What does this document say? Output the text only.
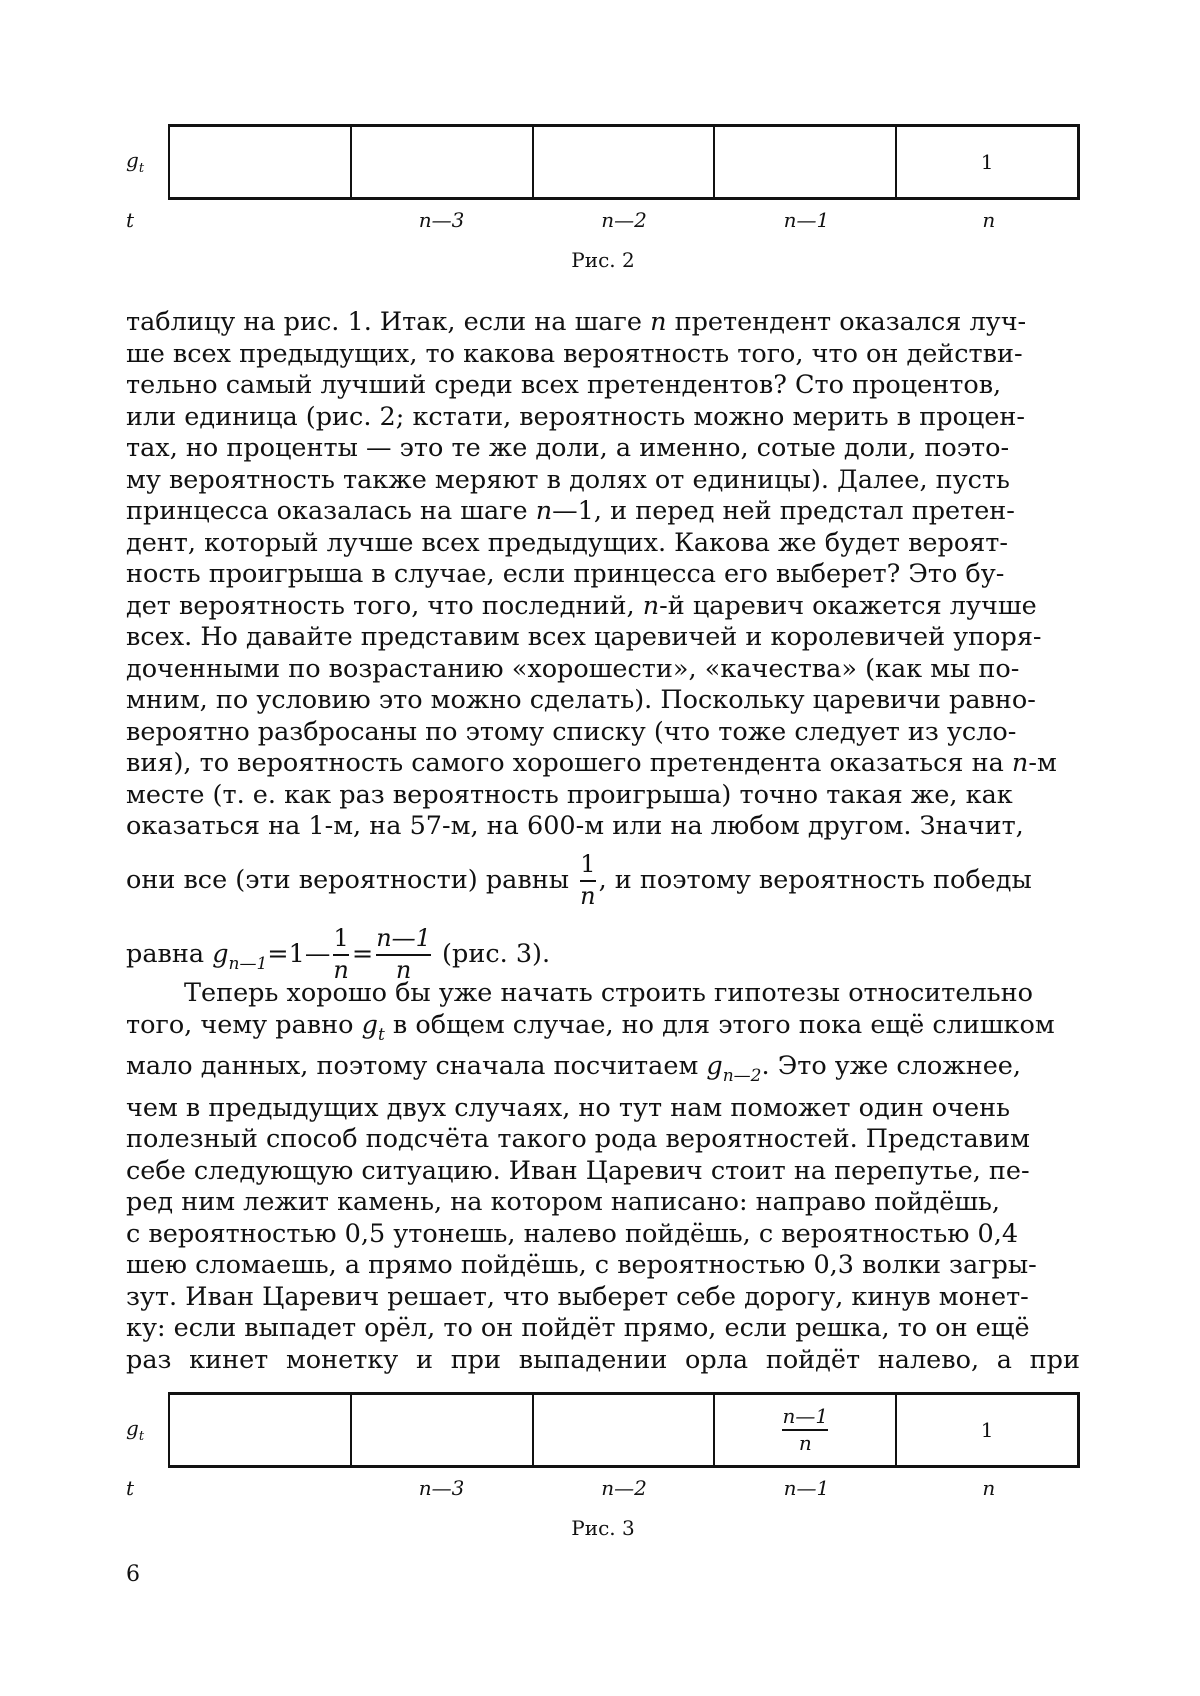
gt	1
t	n—3	n—2	n—1	n
Рис. 2

таблицу на рис. 1. Итак, если на шаге n претендент оказался луч-

ше всех предыдущих, то какова вероятность того, что он действи-

тельно самый лучший среди всех претендентов? Сто процентов,

или единица (рис. 2; кстати, вероятность можно мерить в процен-

тах, но проценты — это те же доли, а именно, сотые доли, поэто-

му вероятность также меряют в долях от единицы). Далее, пусть

принцесса оказалась на шаге n—1, и перед ней предстал претен-

дент, который лучше всех предыдущих. Какова же будет вероят-

ность проигрыша в случае, если принцесса его выберет? Это бу-

дет вероятность того, что последний, n-й царевич окажется лучше

всех. Но давайте представим всех царевичей и королевичей упоря-

доченными по возрастанию «хорошести», «качества» (как мы по-

мним, по условию это можно сделать). Поскольку царевичи равно-

вероятно разбросаны по этому списку (что тоже следует из усло-

вия), то вероятность самого хорошего претендента оказаться на n-м

месте (т. е. как раз вероятность проигрыша) точно такая же, как

оказаться на 1-м, на 57-м, на 600-м или на любом другом. Значит,

они все (эти вероятности) равны
1
n
, и поэтому вероятность победы

равна gn—1=1—
1
n
=
n—1
n
(рис. 3).

Теперь хорошо бы уже начать строить гипотезы относительно

того, чему равно gt в общем случае, но для этого пока ещё слишком

мало данных, поэтому сначала посчитаем gn—2. Это уже сложнее,

чем в предыдущих двух случаях, но тут нам поможет один очень

полезный способ подсчёта такого рода вероятностей. Представим

себе следующую ситуацию. Иван Царевич стоит на перепутье, пе-

ред ним лежит камень, на котором написано: направо пойдёшь,

с вероятностью 0,5 утонешь, налево пойдёшь, с вероятностью 0,4

шею сломаешь, а прямо пойдёшь, с вероятностью 0,3 волки загры-

зут. Иван Царевич решает, что выберет себе дорогу, кинув монет-

ку: если выпадет орёл, то он пойдёт прямо, если решка, то он ещё

раз кинет монетку и при выпадении орла пойдёт налево, а при

gt
n—1
n
1
t	n—3	n—2	n—1	n
Рис. 3
6
